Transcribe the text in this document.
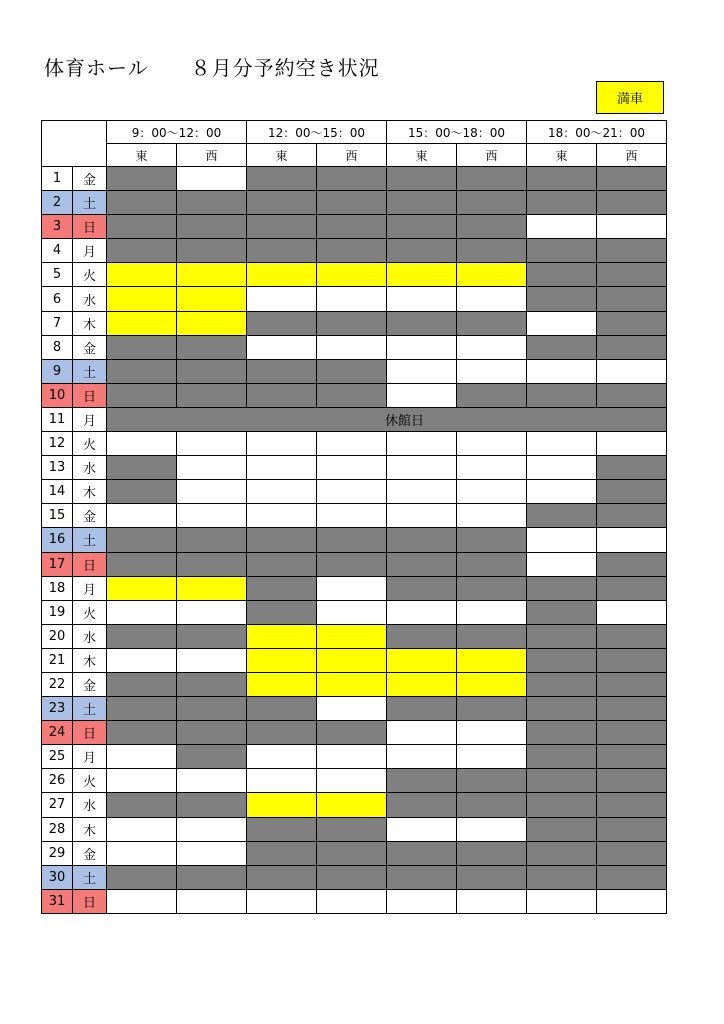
体育ホール　　８月分予約空き状況
満車
		9：00～12：00		12：00～15：00		15：00～18：00		18：00～21：00	
		東	西	東	西	東	西	東	西
1	金								
2	土								
3	日								
4	月								
5	火								
6	水								
7	木								
8	金								
9	土								
10	日								
11	月	休館日							
12	火								
13	水								
14	木								
15	金								
16	土								
17	日								
18	月								
19	火								
20	水								
21	木								
22	金								
23	土								
24	日								
25	月								
26	火								
27	水								
28	木								
29	金								
30	土								
31	日								
